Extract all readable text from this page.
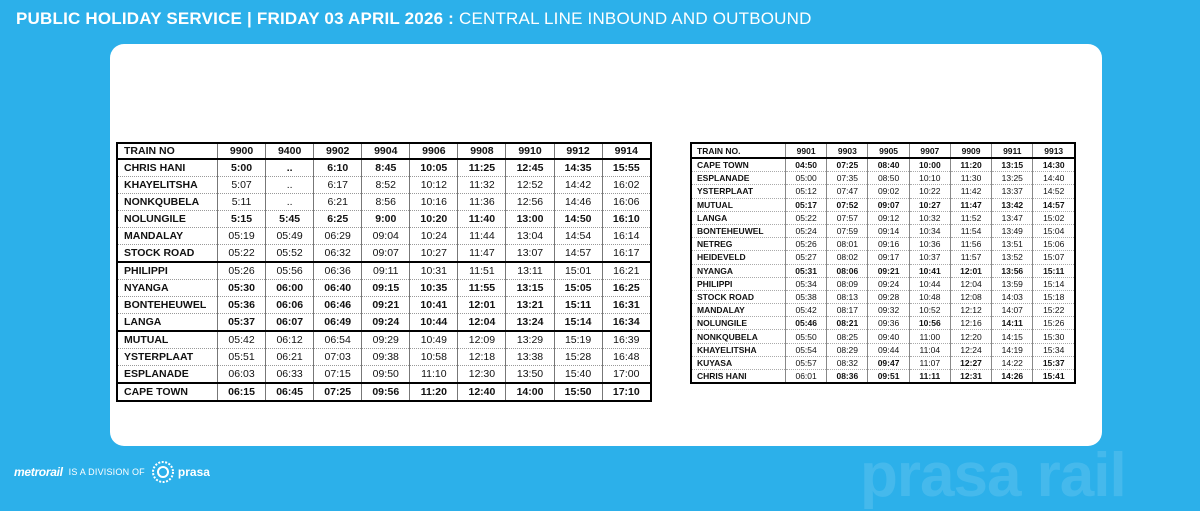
PUBLIC HOLIDAY SERVICE | FRIDAY 03 APRIL 2026 : CENTRAL LINE INBOUND AND OUTBOUND
TRAIN NO	9900	9400	9902	9904	9906	9908	9910	9912	9914
CHRIS HANI	5:00	..	6:10	8:45	10:05	11:25	12:45	14:35	15:55
KHAYELITSHA	5:07	..	6:17	8:52	10:12	11:32	12:52	14:42	16:02
NONKQUBELA	5:11	..	6:21	8:56	10:16	11:36	12:56	14:46	16:06
NOLUNGILE	5:15	5:45	6:25	9:00	10:20	11:40	13:00	14:50	16:10
MANDALAY	05:19	05:49	06:29	09:04	10:24	11:44	13:04	14:54	16:14
STOCK ROAD	05:22	05:52	06:32	09:07	10:27	11:47	13:07	14:57	16:17
PHILIPPI	05:26	05:56	06:36	09:11	10:31	11:51	13:11	15:01	16:21
NYANGA	05:30	06:00	06:40	09:15	10:35	11:55	13:15	15:05	16:25
BONTEHEUWEL	05:36	06:06	06:46	09:21	10:41	12:01	13:21	15:11	16:31
LANGA	05:37	06:07	06:49	09:24	10:44	12:04	13:24	15:14	16:34
MUTUAL	05:42	06:12	06:54	09:29	10:49	12:09	13:29	15:19	16:39
YSTERPLAAT	05:51	06:21	07:03	09:38	10:58	12:18	13:38	15:28	16:48
ESPLANADE	06:03	06:33	07:15	09:50	11:10	12:30	13:50	15:40	17:00
CAPE TOWN	06:15	06:45	07:25	09:56	11:20	12:40	14:00	15:50	17:10
TRAIN NO.	9901	9903	9905	9907	9909	9911	9913
CAPE TOWN	04:50	07:25	08:40	10:00	11:20	13:15	14:30
ESPLANADE	05:00	07:35	08:50	10:10	11:30	13:25	14:40
YSTERPLAAT	05:12	07:47	09:02	10:22	11:42	13:37	14:52
MUTUAL	05:17	07:52	09:07	10:27	11:47	13:42	14:57
LANGA	05:22	07:57	09:12	10:32	11:52	13:47	15:02
BONTEHEUWEL	05:24	07:59	09:14	10:34	11:54	13:49	15:04
NETREG	05:26	08:01	09:16	10:36	11:56	13:51	15:06
HEIDEVELD	05:27	08:02	09:17	10:37	11:57	13:52	15:07
NYANGA	05:31	08:06	09:21	10:41	12:01	13:56	15:11
PHILIPPI	05:34	08:09	09:24	10:44	12:04	13:59	15:14
STOCK ROAD	05:38	08:13	09:28	10:48	12:08	14:03	15:18
MANDALAY	05:42	08:17	09:32	10:52	12:12	14:07	15:22
NOLUNGILE	05:46	08:21	09:36	10:56	12:16	14:11	15:26
NONKQUBELA	05:50	08:25	09:40	11:00	12:20	14:15	15:30
KHAYELITSHA	05:54	08:29	09:44	11:04	12:24	14:19	15:34
KUYASA	05:57	08:32	09:47	11:07	12:27	14:22	15:37
CHRIS HANI	06:01	08:36	09:51	11:11	12:31	14:26	15:41
prasa rail
metrorail IS A DIVISION OF	prasa
